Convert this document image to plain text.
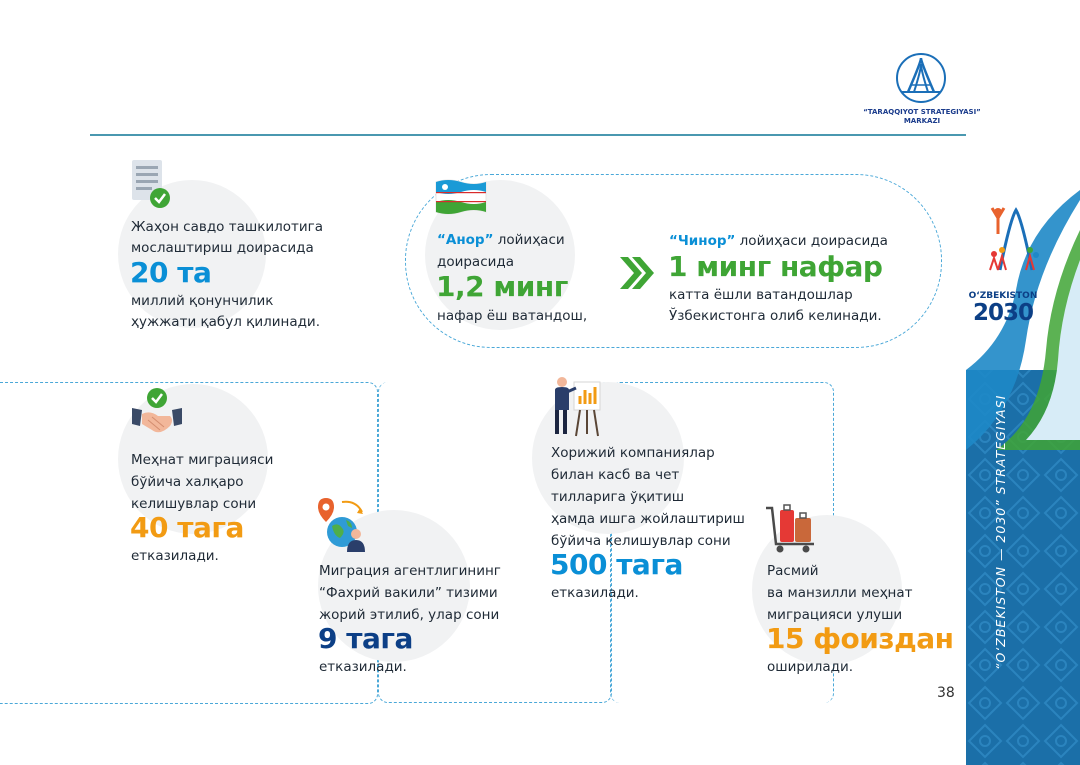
“TARAQQIYOT STRATEGIYASI”
MARKAZI
Жаҳон савдо ташкилотига
мослаштириш доирасида
20 та
миллий қонунчилик
ҳужжати қабул қилинади.
“Анор” лойиҳаси
доирасида
1,2 минг
нафар ёш ватандош,
“Чинор” лойиҳаси доирасида
1 минг нафар
катта ёшли ватандошлар
Ўзбекистонга олиб келинади.
Меҳнат миграцияси
бўйича халқаро
келишувлар сони
40 тага
етказилади.
Миграция агентлигининг
“Фахрий вакили” тизими
жорий этилиб, улар сони
9 тага
етказилади.
Хорижий компаниялар
билан касб ва чет
тилларига ўқитиш
ҳамда ишга жойлаштириш
бўйича келишувлар сони
500 тага
етказилади.
Расмий
ва манзилли меҳнат
миграцияси улуши
15 фоиздан
оширилади.
O‘ZBEKISTON
2030
“O‘ZBEKISTON — 2030” STRATEGIYASI
38
